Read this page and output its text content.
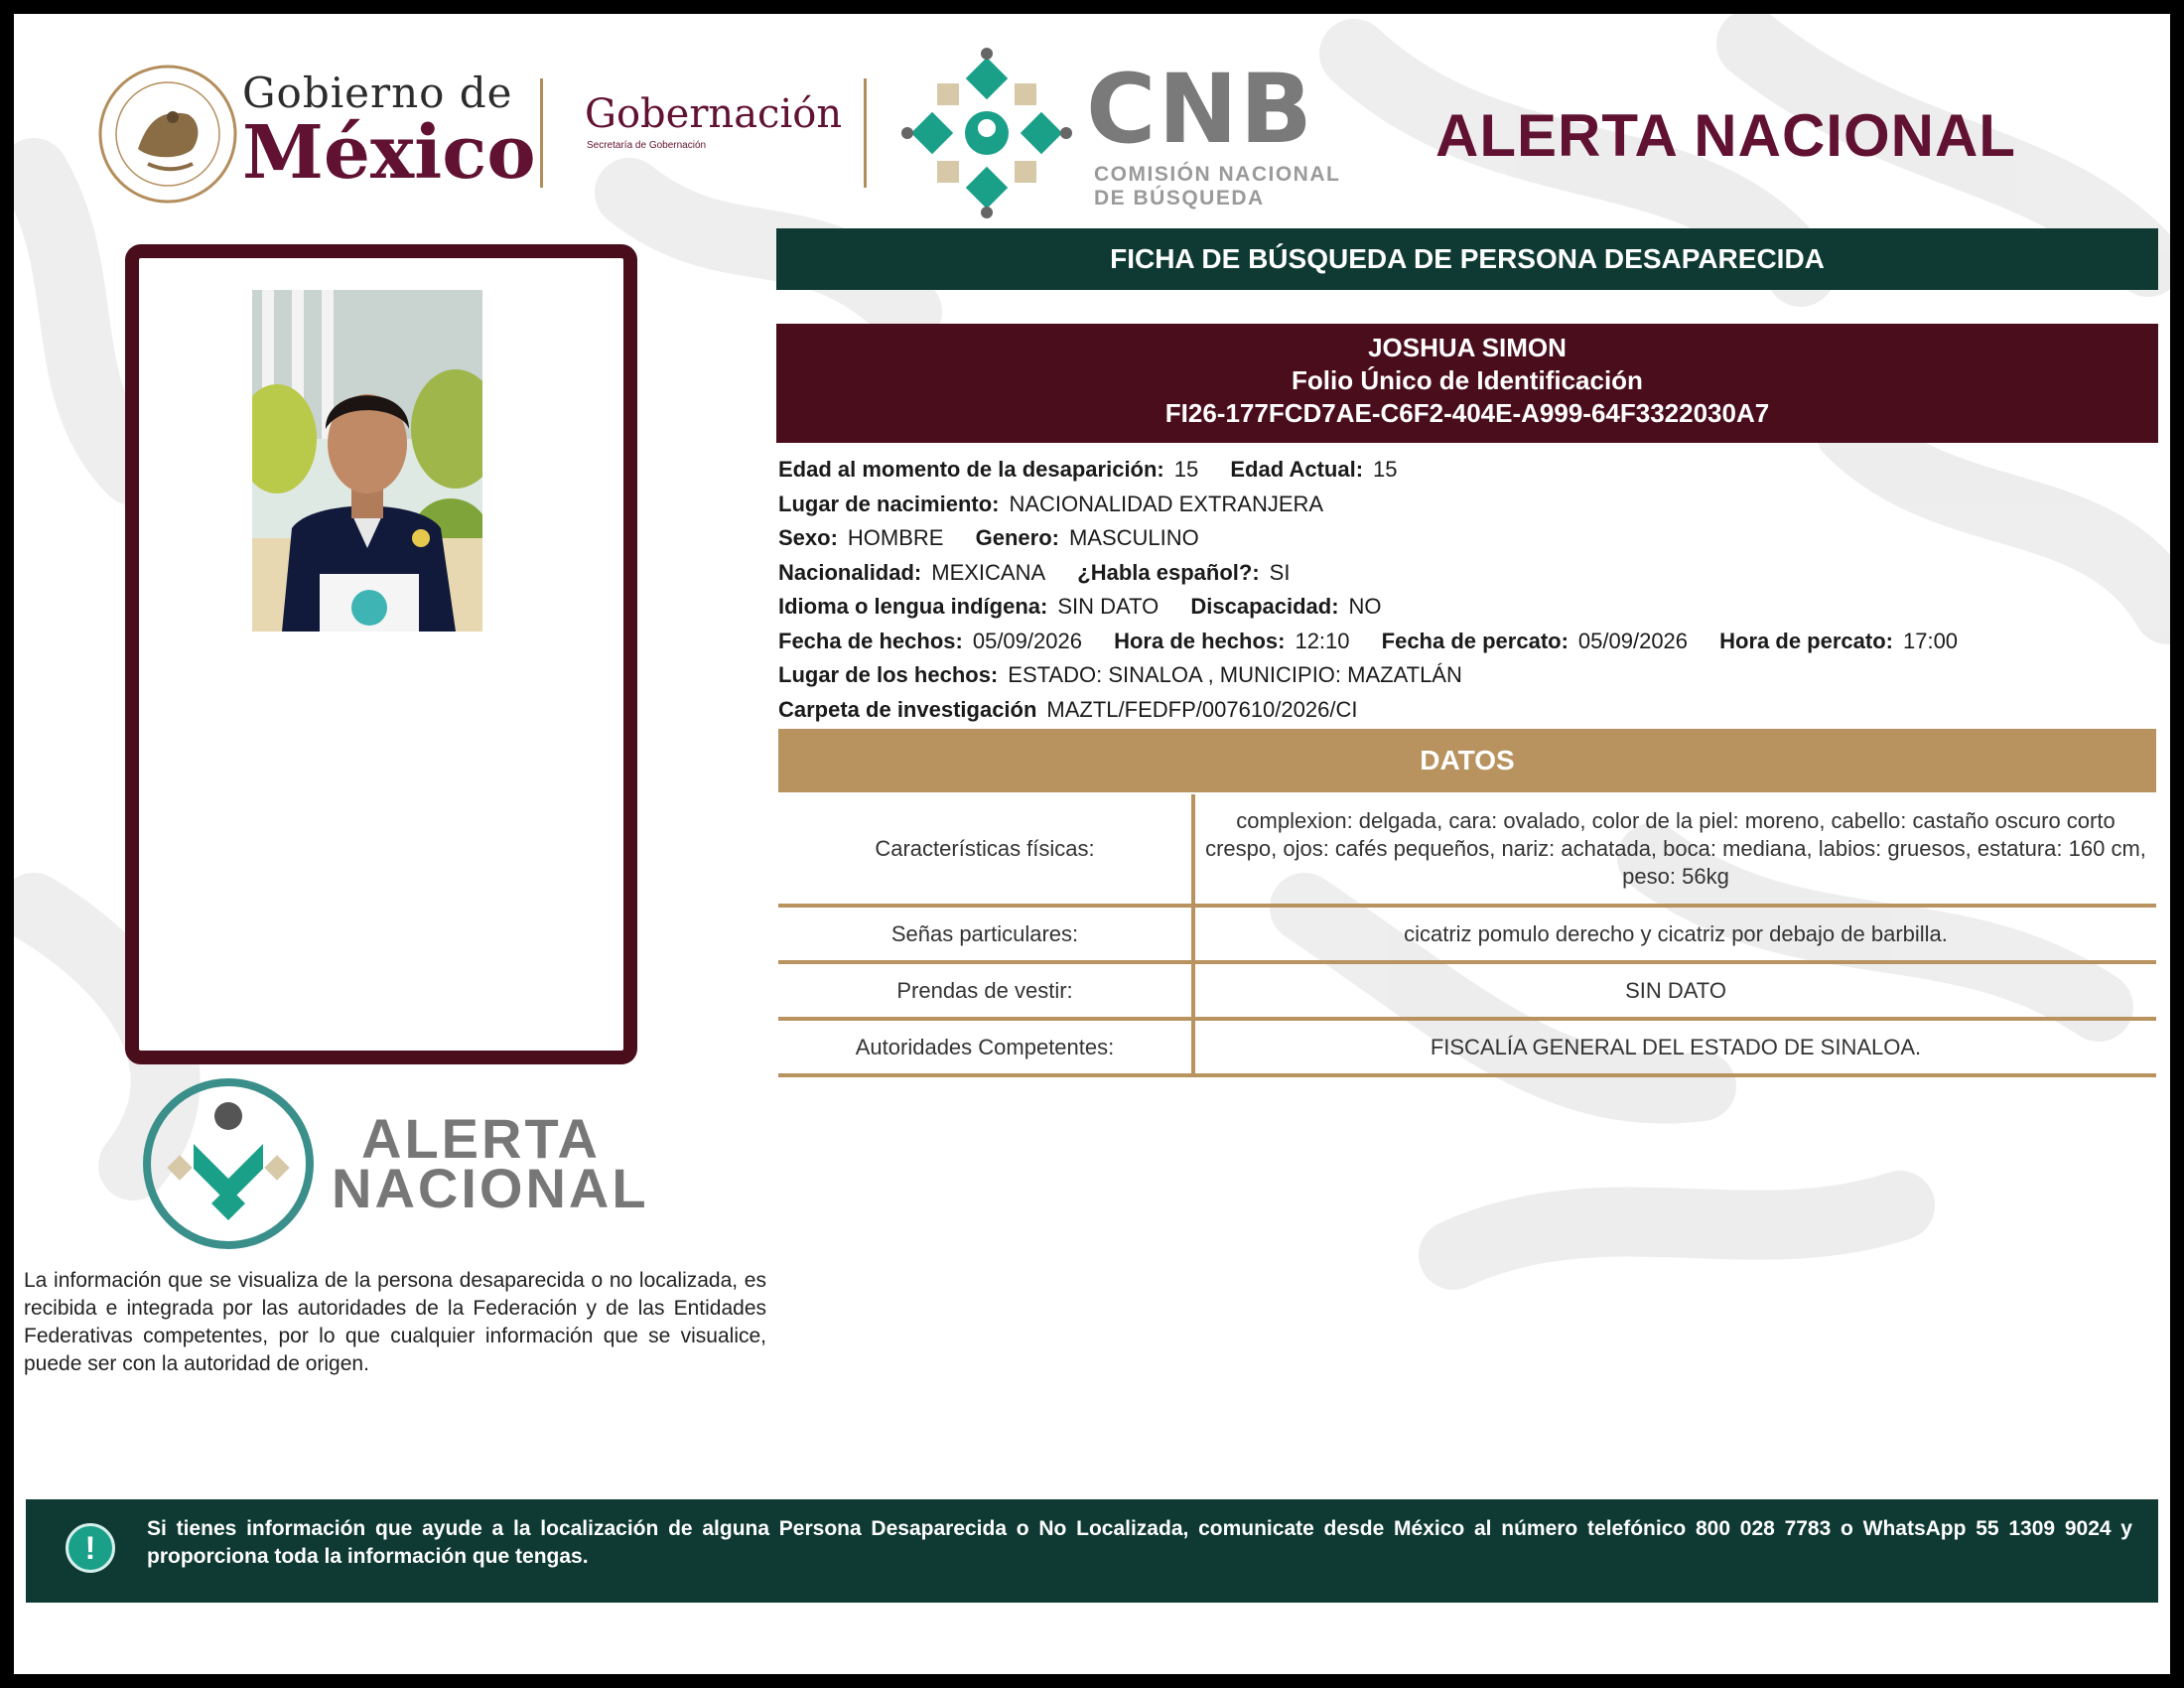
Gobierno de
México Gobernación
Secretaría de Gobernación	CNB
COMISIÓN NACIONAL
DE BÚSQUEDA
ALERTA NACIONAL
ALERTA
NACIONAL
La información que se visualiza de la persona desaparecida o no localizada, es recibida e integrada por las autoridades de la Federación y de las Entidades Federativas competentes, por lo que cualquier información que se visualice, puede ser con la autoridad de origen.
FICHA DE BÚSQUEDA DE PERSONA DESAPARECIDA
JOSHUA SIMON
Folio Único de Identificación
FI26-177FCD7AE-C6F2-404E-A999-64F3322030A7
Edad al momento de la desaparición: 15 Edad Actual: 15
Lugar de nacimiento: NACIONALIDAD EXTRANJERA
Sexo: HOMBRE Genero: MASCULINO
Nacionalidad: MEXICANA ¿Habla español?: SI
Idioma o lengua indígena: SIN DATO Discapacidad: NO
Fecha de hechos: 05/09/2026 Hora de hechos: 12:10 Fecha de percato: 05/09/2026 Hora de percato: 17:00
Lugar de los hechos: ESTADO: SINALOA , MUNICIPIO: MAZATLÁN
Carpeta de investigación MAZTL/FEDFP/007610/2026/CI
DATOS
Características físicas:	complexion: delgada, cara: ovalado, color de la piel: moreno, cabello: castaño oscuro corto crespo, ojos: cafés pequeños, nariz: achatada, boca: mediana, labios: gruesos, estatura: 160 cm, peso: 56kg
Señas particulares:	cicatriz pomulo derecho y cicatriz por debajo de barbilla.
Prendas de vestir:	SIN DATO
Autoridades Competentes:	FISCALÍA GENERAL DEL ESTADO DE SINALOA.
!
Si tienes información que ayude a la localización de alguna Persona Desaparecida o No Localizada, comunicate desde México al número telefónico 800 028 7783 o WhatsApp 55 1309 9024 y proporciona toda la información que tengas.
